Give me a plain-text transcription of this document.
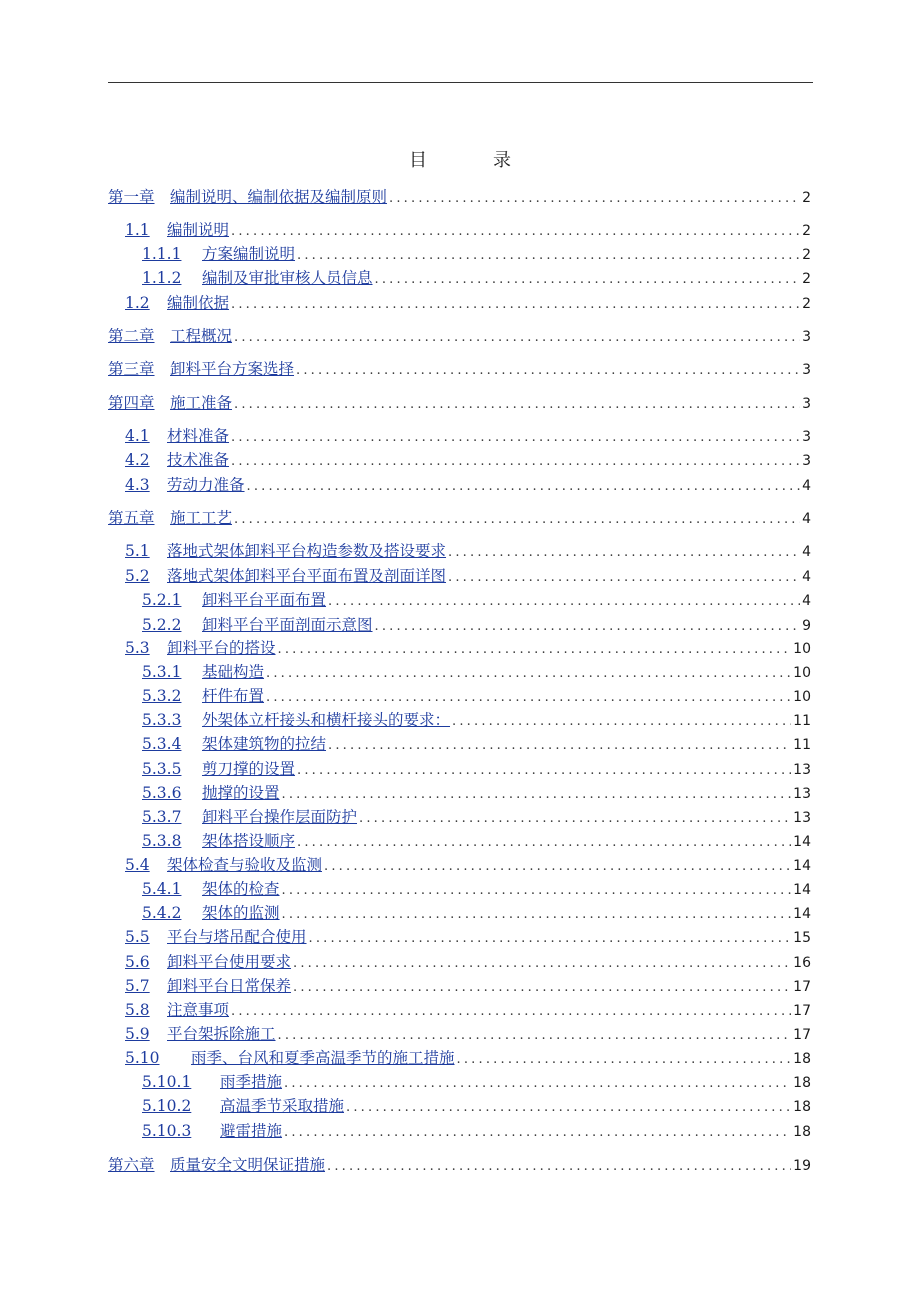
目　录
第一章 编制说明、编制依据及编制原则 .....	2
1.1	编制说明 .....	2
1.1.1	方案编制说明 .....	2
1.1.2	编制及审批审核人员信息 .....	2
1.2	编制依据 .....	2
第二章 工程概况 .....	3
第三章 卸料平台方案选择 .....	3
第四章 施工准备 .....	3
4.1	材料准备 .....	3
4.2	技术准备 .....	3
4.3	劳动力准备 .....	4
第五章 施工工艺 .....	4
5.1	落地式架体卸料平台构造参数及搭设要求 .....	4
5.2	落地式架体卸料平台平面布置及剖面详图 .....	4
5.2.1	卸料平台平面布置 .....	4
5.2.2	卸料平台平面剖面示意图 .....	9
5.3	卸料平台的搭设 .....	10
5.3.1	基础构造 .....	10
5.3.2	杆件布置 .....	10
5.3.3	外架体立杆接头和横杆接头的要求： .....	11
5.3.4	架体建筑物的拉结 .....	11
5.3.5	剪刀撑的设置 .....	13
5.3.6	抛撑的设置 .....	13
5.3.7	卸料平台操作层面防护 .....	13
5.3.8	架体搭设顺序 .....	14
5.4	架体检查与验收及监测 .....	14
5.4.1	架体的检查 .....	14
5.4.2	架体的监测 .....	14
5.5	平台与塔吊配合使用 .....	15
5.6	卸料平台使用要求 .....	16
5.7	卸料平台日常保养 .....	17
5.8	注意事项 .....	17
5.9	平台架拆除施工 .....	17
5.10	雨季、台风和夏季高温季节的施工措施 .....	18
5.10.1	雨季措施 .....	18
5.10.2	高温季节采取措施 .....	18
5.10.3	避雷措施 .....	18
第六章 质量安全文明保证措施 .....	19
